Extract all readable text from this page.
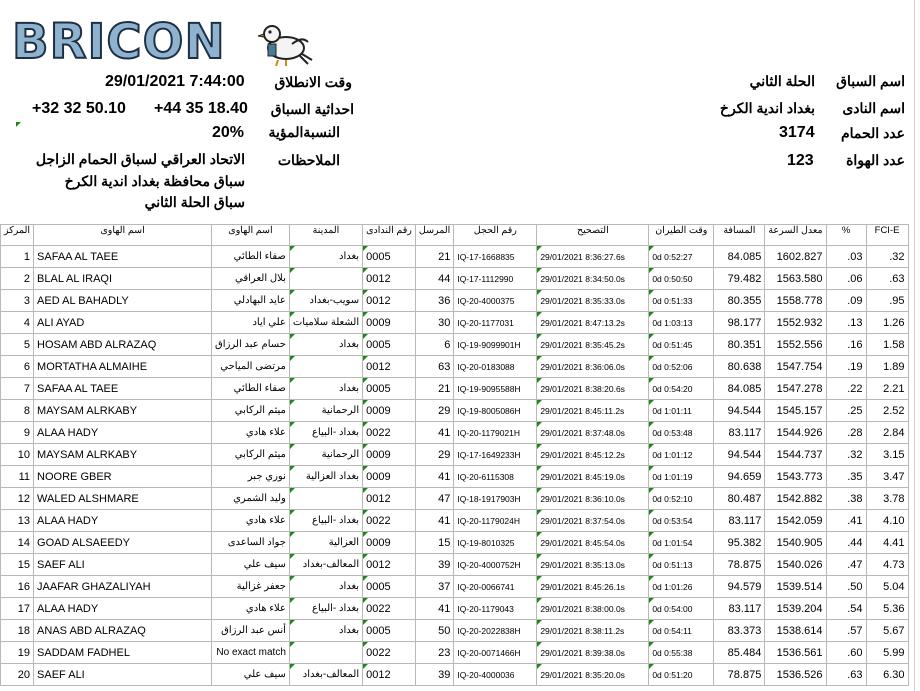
BRICON
اسم السباق
الحلة الثاني
اسم النادى
بغداد اندية الكرخ
عدد الحمام
3174
عدد الهواة
123
وقت الانطلاق
29/01/2021 7:44:00
احداثية السباق
+32 32 50.10 +44 35 18.40
النسبةالمؤية
20%
الملاحظات
الاتحاد العراقي لسباق الحمام الزاجل
سباق محافظة بغداد اندية الكرخ
سباق الحلة الثاني
المركز	اسم الهاوى	اسم الهاوى	المدينة	رقم الندادى	المرسل	رقم الحجل	التصحيح	وقت الطيران	المسافة	معدل السرعة	%	FCI-E
1	SAFAA AL TAEE	صفاء الطائي	بغداد	0005	21	IQ-17-1668835	29/01/2021 8:36:27.6s	0d 0:52:27	84.085	1602.827	.03	.32
2	BLAL AL IRAQI	بلال العراقي		0012	44	IQ-17-1112990	29/01/2021 8:34:50.0s	0d 0:50:50	79.482	1563.580	.06	.63
3	AED AL BAHADLY	عايد البهادلي	سويب-بغداد	0012	36	IQ-20-4000375	29/01/2021 8:35:33.0s	0d 0:51:33	80.355	1558.778	.09	.95
4	ALI AYAD	علي اياد	الشعلة سلاميات	0009	30	IQ-20-1177031	29/01/2021 8:47:13.2s	0d 1:03:13	98.177	1552.932	.13	1.26
5	HOSAM ABD ALRAZAQ	حسام عبد الرزاق	بغداد	0005	6	IQ-19-9099901H	29/01/2021 8:35:45.2s	0d 0:51:45	80.351	1552.556	.16	1.58
6	MORTATHA ALMAIHE	مرتضى المياحي		0012	63	IQ-20-0183088	29/01/2021 8:36:06.0s	0d 0:52:06	80.638	1547.754	.19	1.89
7	SAFAA AL TAEE	صفاء الطائي	بغداد	0005	21	IQ-19-9095588H	29/01/2021 8:38:20.6s	0d 0:54:20	84.085	1547.278	.22	2.21
8	MAYSAM ALRKABY	ميثم الركابي	الرحمانية	0009	29	IQ-19-8005086H	29/01/2021 8:45:11.2s	0d 1:01:11	94.544	1545.157	.25	2.52
9	ALAA HADY	علاء هادي	بغداد -البياع	0022	41	IQ-20-1179021H	29/01/2021 8:37:48.0s	0d 0:53:48	83.117	1544.926	.28	2.84
10	MAYSAM ALRKABY	ميثم الركابي	الرحمانية	0009	29	IQ-17-1649233H	29/01/2021 8:45:12.2s	0d 1:01:12	94.544	1544.737	.32	3.15
11	NOORE GBER	نوري جبر	بغداد العزالية	0009	41	IQ-20-6115308	29/01/2021 8:45:19.0s	0d 1:01:19	94.659	1543.773	.35	3.47
12	WALED ALSHMARE	وليد الشمري		0012	47	IQ-18-1917903H	29/01/2021 8:36:10.0s	0d 0:52:10	80.487	1542.882	.38	3.78
13	ALAA HADY	علاء هادي	بغداد -البياع	0022	41	IQ-20-1179024H	29/01/2021 8:37:54.0s	0d 0:53:54	83.117	1542.059	.41	4.10
14	GOAD ALSAEEDY	جواد الساعدى	العزالية	0009	15	IQ-19-8010325	29/01/2021 8:45:54.0s	0d 1:01:54	95.382	1540.905	.44	4.41
15	SAEF ALI	سيف علي	المعالف-بغداد	0012	39	IQ-20-4000752H	29/01/2021 8:35:13.0s	0d 0:51:13	78.875	1540.026	.47	4.73
16	JAAFAR GHAZALIYAH	جعفر غزالية	بغداد	0005	37	IQ-20-0066741	29/01/2021 8:45:26.1s	0d 1:01:26	94.579	1539.514	.50	5.04
17	ALAA HADY	علاء هادي	بغداد -البياع	0022	41	IQ-20-1179043	29/01/2021 8:38:00.0s	0d 0:54:00	83.117	1539.204	.54	5.36
18	ANAS ABD ALRAZAQ	أنس عبد الرزاق	بغداد	0005	50	IQ-20-2022838H	29/01/2021 8:38:11.2s	0d 0:54:11	83.373	1538.614	.57	5.67
19	SADDAM FADHEL	No exact match		0022	23	IQ-20-0071466H	29/01/2021 8:39:38.0s	0d 0:55:38	85.484	1536.561	.60	5.99
20	SAEF ALI	سيف علي	المعالف-بغداد	0012	39	IQ-20-4000036	29/01/2021 8:35:20.0s	0d 0:51:20	78.875	1536.526	.63	6.30
